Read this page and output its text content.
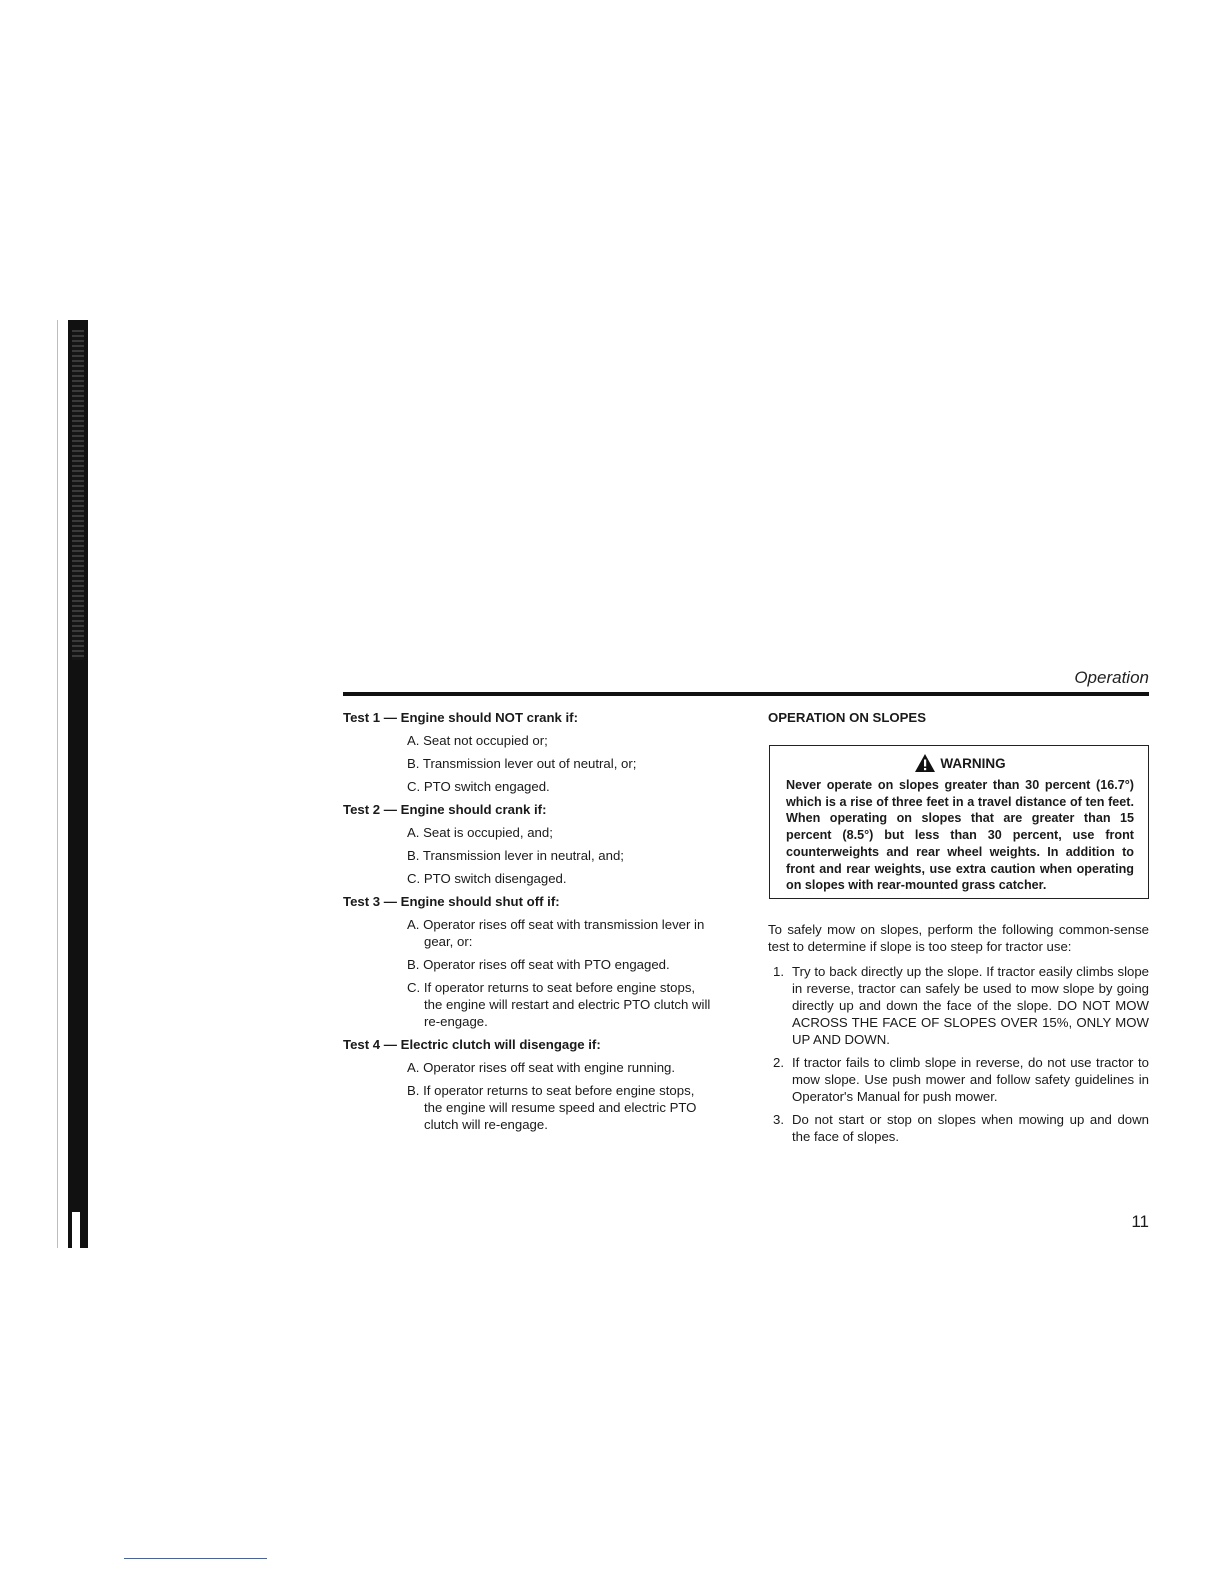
Operation
Test 1 — Engine should NOT crank if:
A. Seat not occupied or;
B. Transmission lever out of neutral, or;
C. PTO switch engaged.
Test 2 — Engine should crank if:
A. Seat is occupied, and;
B. Transmission lever in neutral, and;
C. PTO switch disengaged.
Test 3 — Engine should shut off if:
A. Operator rises off seat with transmission lever in gear, or:
B. Operator rises off seat with PTO engaged.
C. If operator returns to seat before engine stops, the engine will restart and electric PTO clutch will re-engage.
Test 4 — Electric clutch will disengage if:
A. Operator rises off seat with engine running.
B. If operator returns to seat before engine stops, the engine will resume speed and electric PTO clutch will re-engage.
OPERATION ON SLOPES
WARNING
Never operate on slopes greater than 30 percent (16.7°) which is a rise of three feet in a travel distance of ten feet. When operating on slopes that are greater than 15 percent (8.5°) but less than 30 percent, use front counterweights and rear wheel weights. In addition to front and rear weights, use extra caution when operating on slopes with rear-mounted grass catcher.
To safely mow on slopes, perform the following common-sense test to determine if slope is too steep for tractor use:
1. Try to back directly up the slope. If tractor easily climbs slope in reverse, tractor can safely be used to mow slope by going directly up and down the face of the slope. DO NOT MOW ACROSS THE FACE OF SLOPES OVER 15%, ONLY MOW UP AND DOWN.
2. If tractor fails to climb slope in reverse, do not use tractor to mow slope. Use push mower and follow safety guidelines in Operator's Manual for push mower.
3. Do not start or stop on slopes when mowing up and down the face of slopes.
11
